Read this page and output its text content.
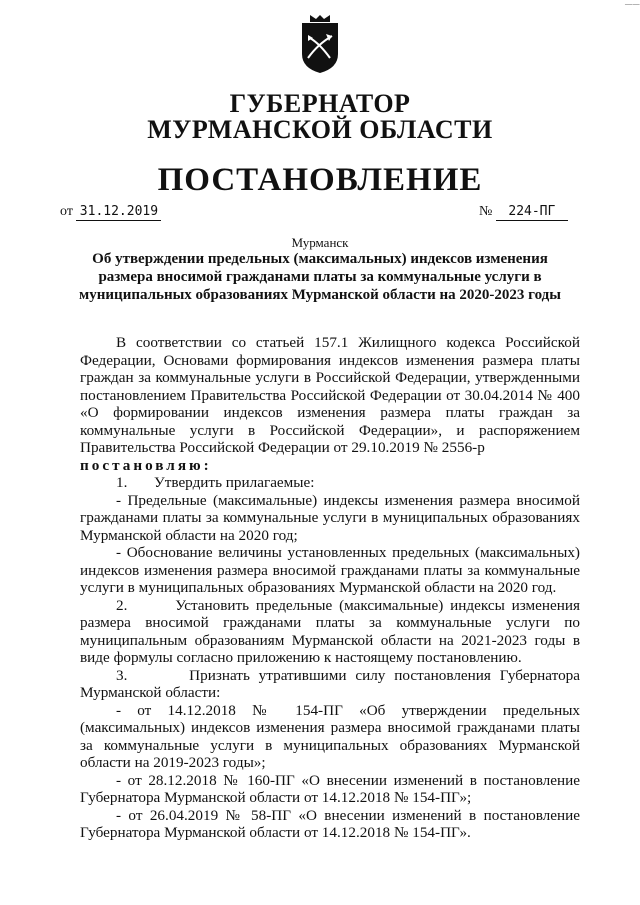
——
ГУБЕРНАТОР
МУРМАНСКОЙ ОБЛАСТИ
ПОСТАНОВЛЕНИЕ
от 31.12.2019	№ 224-ПГ
Мурманск
Об утверждении предельных (максимальных) индексов изменения размера вносимой гражданами платы за коммунальные услуги в муниципальных образованиях Мурманской области на 2020-2023 годы

В соответствии со статьей 157.1 Жилищного кодекса Российской Федерации, Основами формирования индексов изменения размера платы граждан за коммунальные услуги в Российской Федерации, утвержденными постановлением Правительства Российской Федерации от 30.04.2014 № 400 «О формировании индексов изменения размера платы граждан за коммунальные услуги в Российской Федерации», и распоряжением Правительства Российской Федерации от 29.10.2019 № 2556-р

постановляю:

1.       Утвердить прилагаемые:

- Предельные (максимальные) индексы изменения размера вносимой гражданами платы за коммунальные услуги в муниципальных образованиях Мурманской области на 2020 год;

- Обоснование величины установленных предельных (максимальных) индексов изменения размера вносимой гражданами платы за коммунальные услуги в муниципальных образованиях Мурманской области на 2020 год.

2.       Установить предельные (максимальные) индексы изменения размера вносимой гражданами платы за коммунальные услуги по муниципальным образованиям Мурманской области на 2021-2023 годы в виде формулы согласно приложению к настоящему постановлению.

3.       Признать утратившими силу постановления Губернатора Мурманской области:

- от 14.12.2018 № 154-ПГ «Об утверждении предельных (максимальных) индексов изменения размера вносимой гражданами платы за коммунальные услуги в муниципальных образованиях Мурманской области на 2019-2023 годы»;

- от 28.12.2018 № 160-ПГ «О внесении изменений в постановление Губернатора Мурманской области от 14.12.2018 № 154-ПГ»;

- от 26.04.2019 № 58-ПГ «О внесении изменений в постановление Губернатора Мурманской области от 14.12.2018 № 154-ПГ».
